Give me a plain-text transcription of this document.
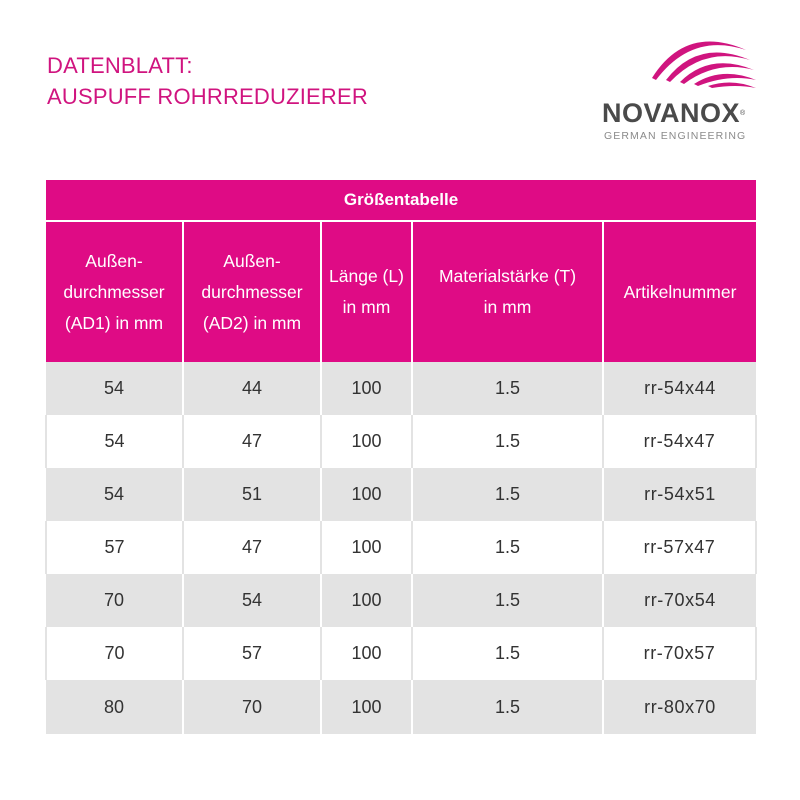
DATENBLATT:
AUSPUFF ROHRREDUZIERER
NOVANOX®
GERMAN ENGINEERING
Größentabelle				

Außen-
durchmesser
(AD1) in mm	Außen-
durchmesser
(AD2) in mm	Länge (L)
in mm	Materialstärke (T)
in mm	Artikelnummer

54	44	100	1.5	rr-54x44
54	47	100	1.5	rr-54x47
54	51	100	1.5	rr-54x51
57	47	100	1.5	rr-57x47
70	54	100	1.5	rr-70x54
70	57	100	1.5	rr-70x57
80	70	100	1.5	rr-80x70
